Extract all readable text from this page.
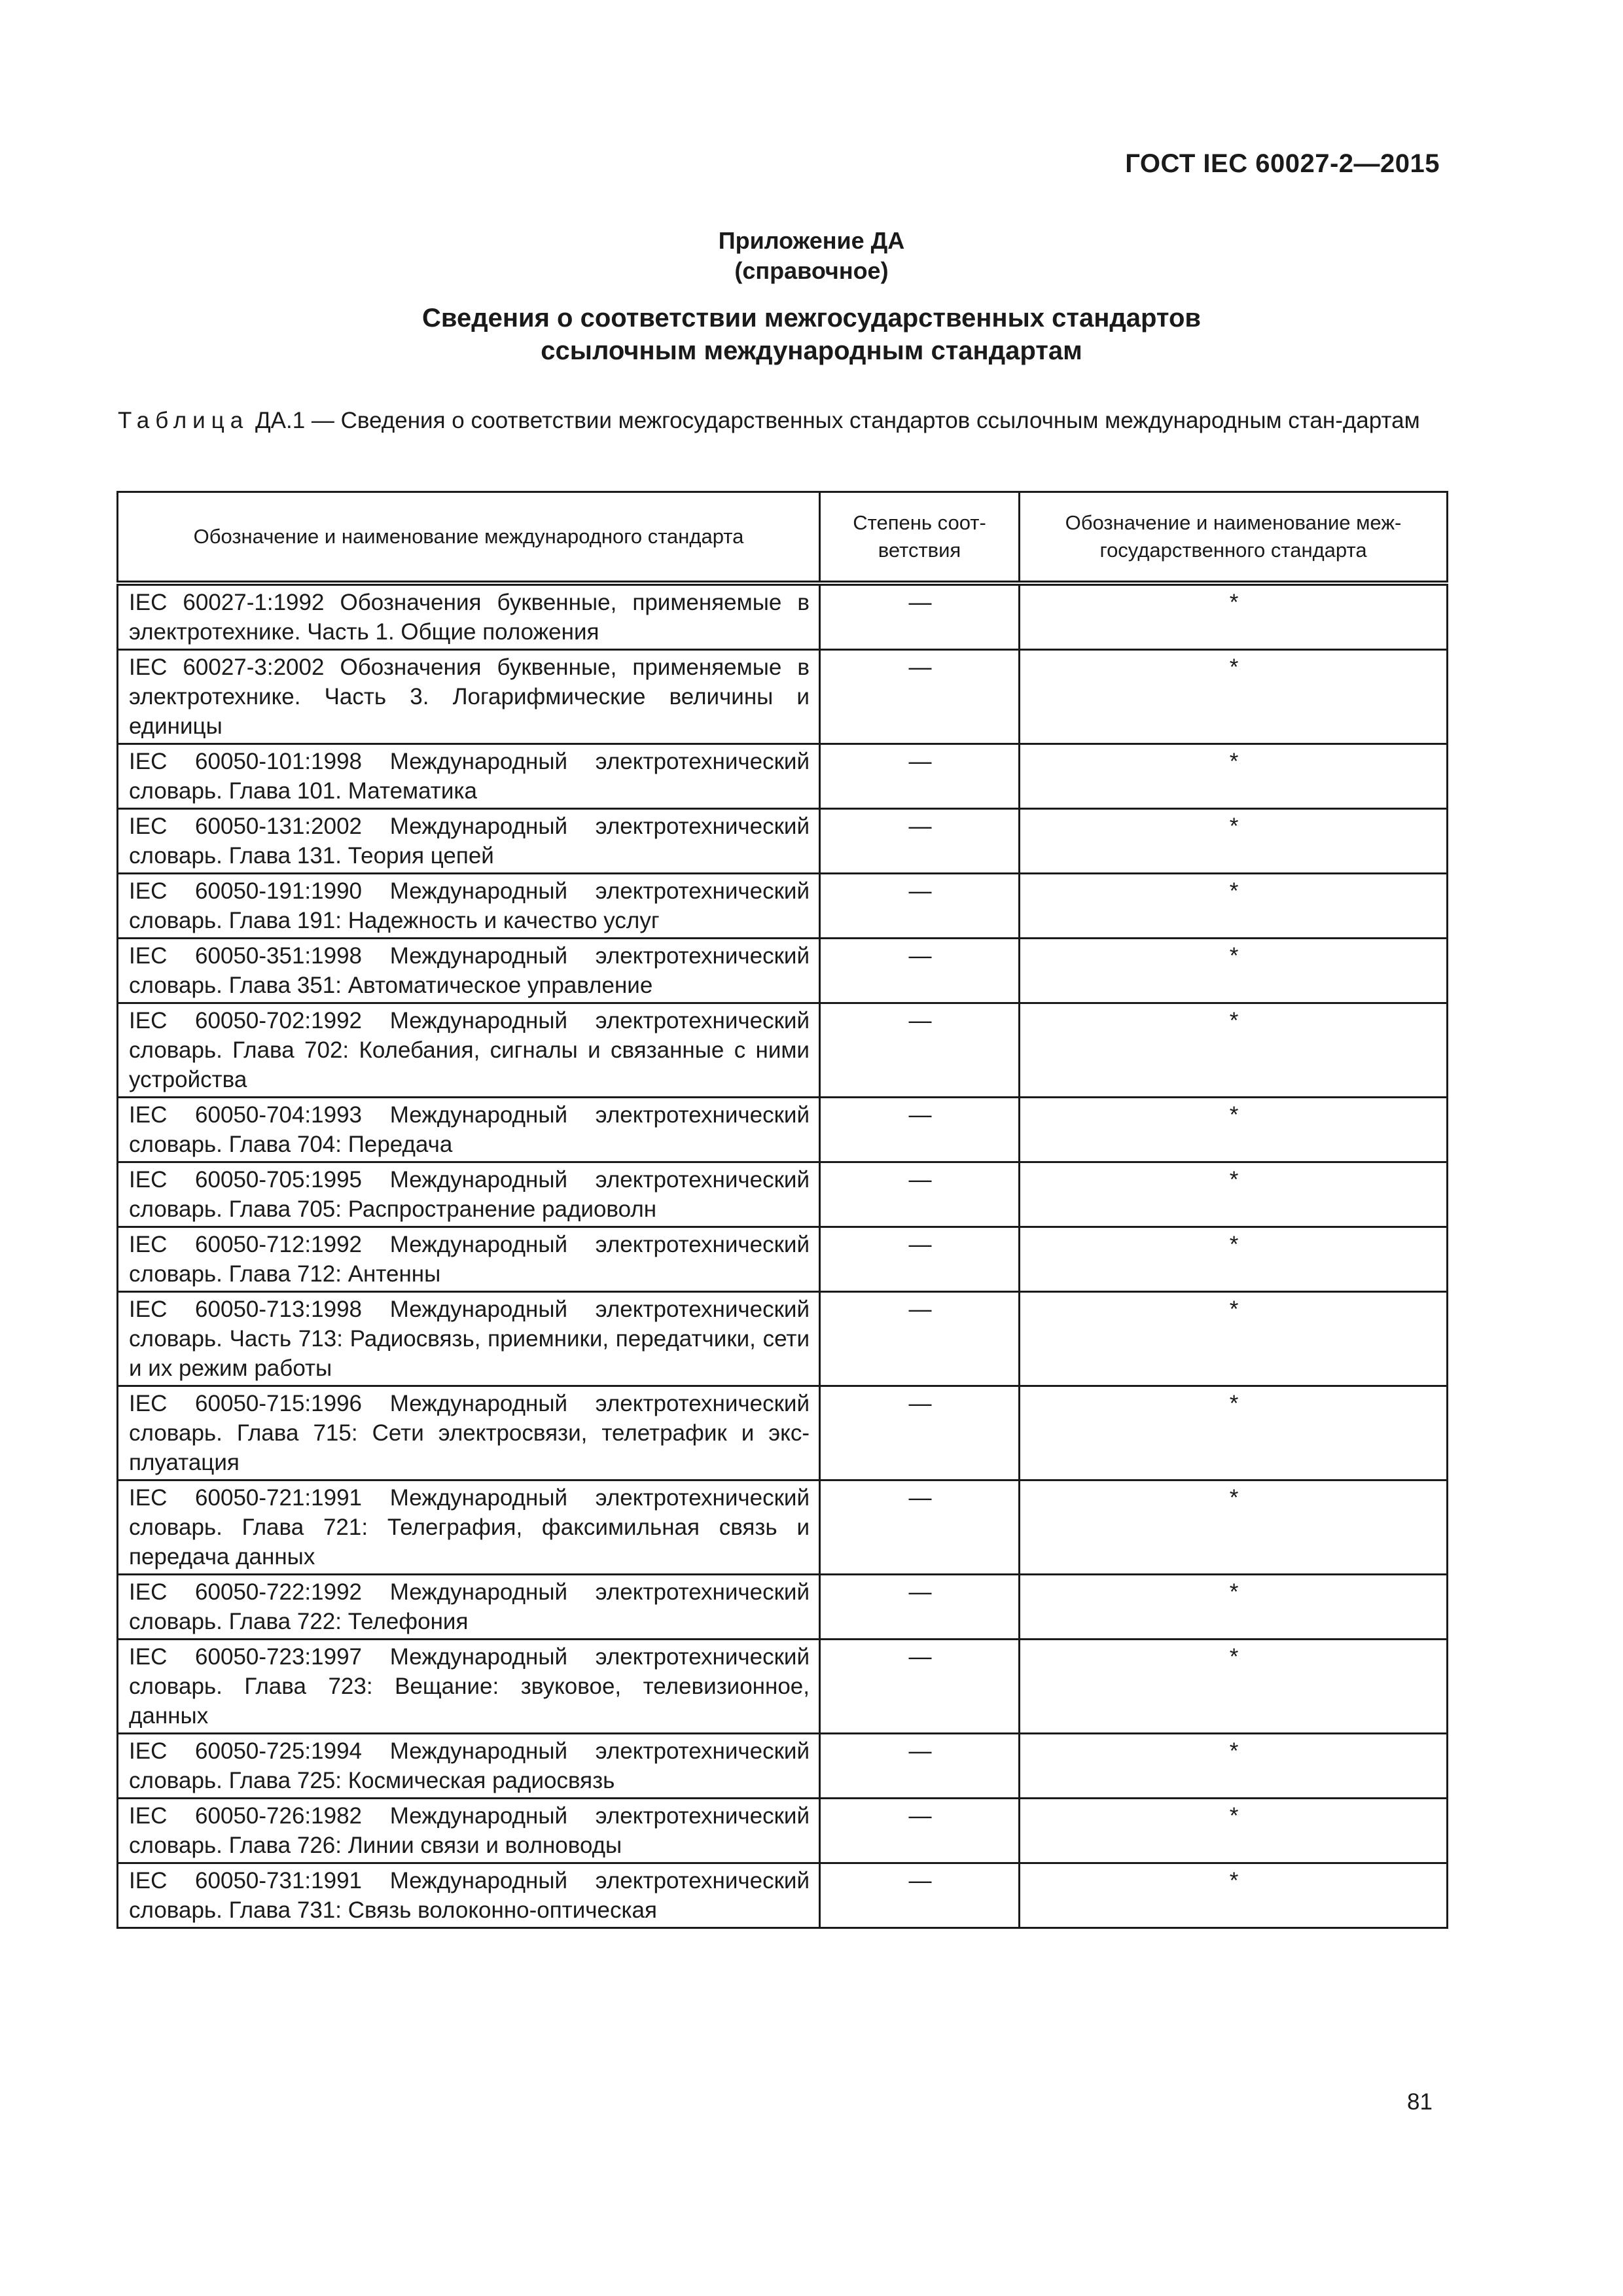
ГОСТ IEC 60027-2—2015
Приложение ДА
(справочное)
Сведения о соответствии межгосударственных стандартов
ссылочным международным стандартам
Таблица ДА.1 — Сведения о соответствии межгосударственных стандартов ссылочным международным стан-дартам
Обозначение и наименование международного стандарта	Степень соот-ветствия	Обозначение и наименование меж-государственного стандарта
IEC 60027-1:1992 Обозначения буквенные, применяемые в электротехнике. Часть 1. Общие положения	—	*
IEC 60027-3:2002 Обозначения буквенные, применяемые в электротехнике. Часть 3. Логарифмические величины и единицы	—	*
IEC 60050-101:1998 Международный электротехнический словарь. Глава 101. Математика	—	*
IEC 60050-131:2002 Международный электротехнический словарь. Глава 131. Теория цепей	—	*
IEC 60050-191:1990 Международный электротехнический словарь. Глава 191: Надежность и качество услуг	—	*
IEC 60050-351:1998 Международный электротехнический словарь. Глава 351: Автоматическое управление	—	*
IEC 60050-702:1992 Международный электротехнический словарь. Глава 702: Колебания, сигналы и связанные с ними устройства	—	*
IEC 60050-704:1993 Международный электротехнический словарь. Глава 704: Передача	—	*
IEC 60050-705:1995 Международный электротехнический словарь. Глава 705: Распространение радиоволн	—	*
IEC 60050-712:1992 Международный электротехнический словарь. Глава 712: Антенны	—	*
IEC 60050-713:1998 Международный электротехнический словарь. Часть 713: Радиосвязь, приемники, передатчики, сети и их режим работы	—	*
IEC 60050-715:1996 Международный электротехнический словарь. Глава 715: Сети электросвязи, телетрафик и экс-плуатация	—	*
IEC 60050-721:1991 Международный электротехнический словарь. Глава 721: Телеграфия, факсимильная связь и передача данных	—	*
IEC 60050-722:1992 Международный электротехнический словарь. Глава 722: Телефония	—	*
IEC 60050-723:1997 Международный электротехнический словарь. Глава 723: Вещание: звуковое, телевизионное, данных	—	*
IEC 60050-725:1994 Международный электротехнический словарь. Глава 725: Космическая радиосвязь	—	*
IEC 60050-726:1982 Международный электротехнический словарь. Глава 726: Линии связи и волноводы	—	*
IEC 60050-731:1991 Международный электротехнический словарь. Глава 731: Связь волоконно-оптическая	—	*
81
